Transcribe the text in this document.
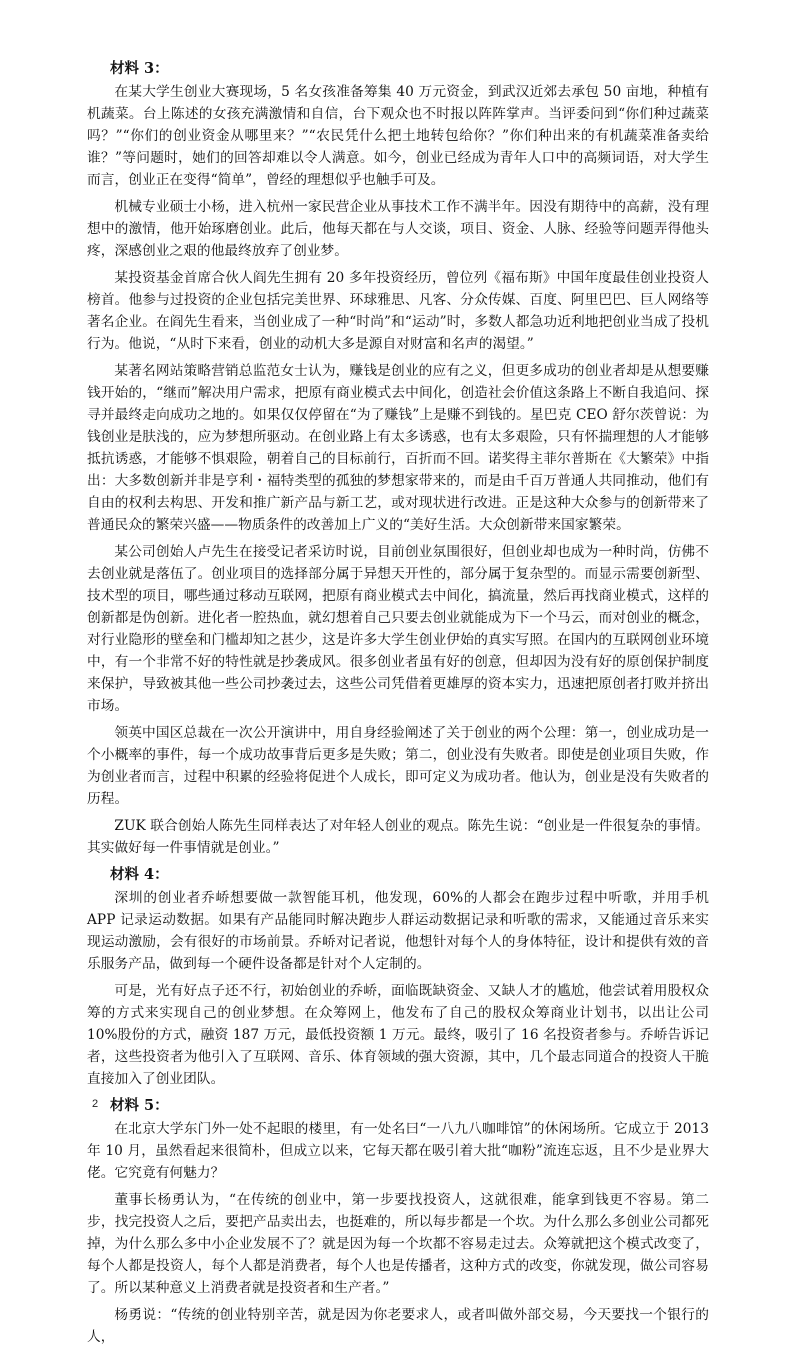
材料 3：

在某大学生创业大赛现场，5 名女孩准备筹集 40 万元资金，到武汉近郊去承包 50 亩地，种植有机蔬菜。台上陈述的女孩充满激情和自信，台下观众也不时报以阵阵掌声。当评委问到“你们种过蔬菜吗？”“你们的创业资金从哪里来？”“农民凭什么把土地转包给你？”你们种出来的有机蔬菜准备卖给谁？”等问题时，她们的回答却难以令人满意。如今，创业已经成为青年人口中的高频词语，对大学生而言，创业正在变得“简单”，曾经的理想似乎也触手可及。

机械专业硕士小杨，进入杭州一家民营企业从事技术工作不满半年。因没有期待中的高薪，没有理想中的激情，他开始琢磨创业。此后，他每天都在与人交谈，项目、资金、人脉、经验等问题弄得他头疼，深感创业之艰的他最终放弃了创业梦。

某投资基金首席合伙人阎先生拥有 20 多年投资经历，曾位列《福布斯》中国年度最佳创业投资人榜首。他参与过投资的企业包括完美世界、环球雅思、凡客、分众传媒、百度、阿里巴巴、巨人网络等著名企业。在阎先生看来，当创业成了一种“时尚”和“运动”时，多数人都急功近利地把创业当成了投机行为。他说，“从时下来看，创业的动机大多是源自对财富和名声的渴望。”

某著名网站策略营销总监范女士认为，赚钱是创业的应有之义，但更多成功的创业者却是从想要赚钱开始的，“继而”解决用户需求，把原有商业模式去中间化，创造社会价值这条路上不断自我追问、探寻并最终走向成功之地的。如果仅仅停留在“为了赚钱”上是赚不到钱的。星巴克 CEO 舒尔茨曾说：为钱创业是肤浅的，应为梦想所驱动。在创业路上有太多诱惑，也有太多艰险，只有怀揣理想的人才能够抵抗诱惑，才能够不惧艰险，朝着自己的目标前行，百折而不回。诺奖得主菲尔普斯在《大繁荣》中指出：大多数创新并非是亨利・福特类型的孤独的梦想家带来的，而是由千百万普通人共同推动，他们有自由的权利去构思、开发和推广新产品与新工艺，或对现状进行改进。正是这种大众参与的创新带来了普通民众的繁荣兴盛——物质条件的改善加上广义的“美好生活。大众创新带来国家繁荣。

某公司创始人卢先生在接受记者采访时说，目前创业氛围很好，但创业却也成为一种时尚，仿佛不去创业就是落伍了。创业项目的选择部分属于异想天开性的，部分属于复杂型的。而显示需要创新型、技术型的项目，哪些通过移动互联网，把原有商业模式去中间化，搞流量，然后再找商业模式，这样的创新都是伪创新。进化者一腔热血，就幻想着自己只要去创业就能成为下一个马云，而对创业的概念，对行业隐形的壁垒和门槛却知之甚少，这是许多大学生创业伊始的真实写照。在国内的互联网创业环境中，有一个非常不好的特性就是抄袭成风。很多创业者虽有好的创意，但却因为没有好的原创保护制度来保护，导致被其他一些公司抄袭过去，这些公司凭借着更雄厚的资本实力，迅速把原创者打败并挤出市场。

领英中国区总裁在一次公开演讲中，用自身经验阐述了关于创业的两个公理：第一，创业成功是一个小概率的事件，每一个成功故事背后更多是失败；第二，创业没有失败者。即使是创业项目失败，作为创业者而言，过程中积累的经验将促进个人成长，即可定义为成功者。他认为，创业是没有失败者的历程。

ZUK 联合创始人陈先生同样表达了对年轻人创业的观点。陈先生说：“创业是一件很复杂的事情。其实做好每一件事情就是创业。”

材料 4：

深圳的创业者乔峤想要做一款智能耳机，他发现，60%的人都会在跑步过程中听歌，并用手机 APP 记录运动数据。如果有产品能同时解决跑步人群运动数据记录和听歌的需求，又能通过音乐来实现运动激励，会有很好的市场前景。乔峤对记者说，他想针对每个人的身体特征，设计和提供有效的音乐服务产品，做到每一个硬件设备都是针对个人定制的。

可是，光有好点子还不行，初始创业的乔峤，面临既缺资金、又缺人才的尴尬，他尝试着用股权众筹的方式来实现自己的创业梦想。在众筹网上，他发布了自己的股权众筹商业计划书，以出让公司 10%股份的方式，融资 187 万元，最低投资额 1 万元。最终，吸引了 16 名投资者参与。乔峤告诉记者，这些投资者为他引入了互联网、音乐、体育领域的强大资源，其中，几个最志同道合的投资人干脆直接加入了创业团队。

材料 5：

在北京大学东门外一处不起眼的楼里，有一处名曰“一八九八咖啡馆”的休闲场所。它成立于 2013 年 10 月，虽然看起来很简朴，但成立以来，它每天都在吸引着大批“咖粉”流连忘返，且不少是业界大佬。它究竟有何魅力？

董事长杨勇认为，“在传统的创业中，第一步要找投资人，这就很难，能拿到钱更不容易。第二步，找完投资人之后，要把产品卖出去，也挺难的，所以每步都是一个坎。为什么那么多创业公司都死掉，为什么那么多中小企业发展不了？就是因为每一个坎都不容易走过去。众筹就把这个模式改变了，每个人都是投资人，每个人都是消费者，每个人也是传播者，这种方式的改变，你就发现，做公司容易了。所以某种意义上消费者就是投资者和生产者。”

杨勇说：“传统的创业特别辛苦，就是因为你老要求人，或者叫做外部交易，今天要找一个银行的人，

2
